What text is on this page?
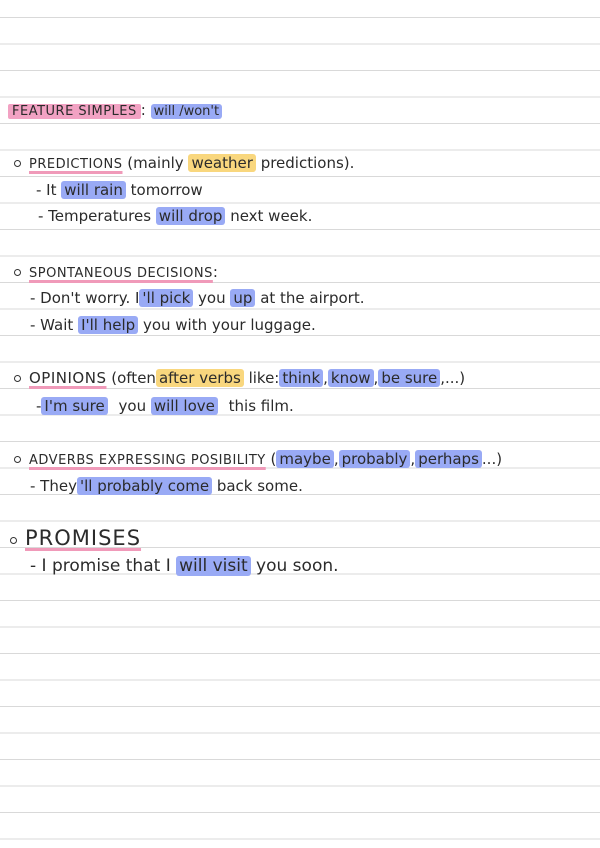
FEATURE SIMPLES : will /won't
PREDICTIONS (mainly weather predictions).
- It will rain tomorrow
- Temperatures will drop next week.
SPONTANEOUS DECISIONS:
- Don't worry. I 'll pick you up at the airport.
- Wait I'll help you with your luggage.
OPINIONS (often after verbs like: think , know , be sure ,...)
- I'm sure you will love this film.
ADVERBS EXPRESSING POSIBILITY ( maybe , probably , perhaps ...)
- They 'll probably come back some.
PROMISES
- I promise that I will visit you soon.
